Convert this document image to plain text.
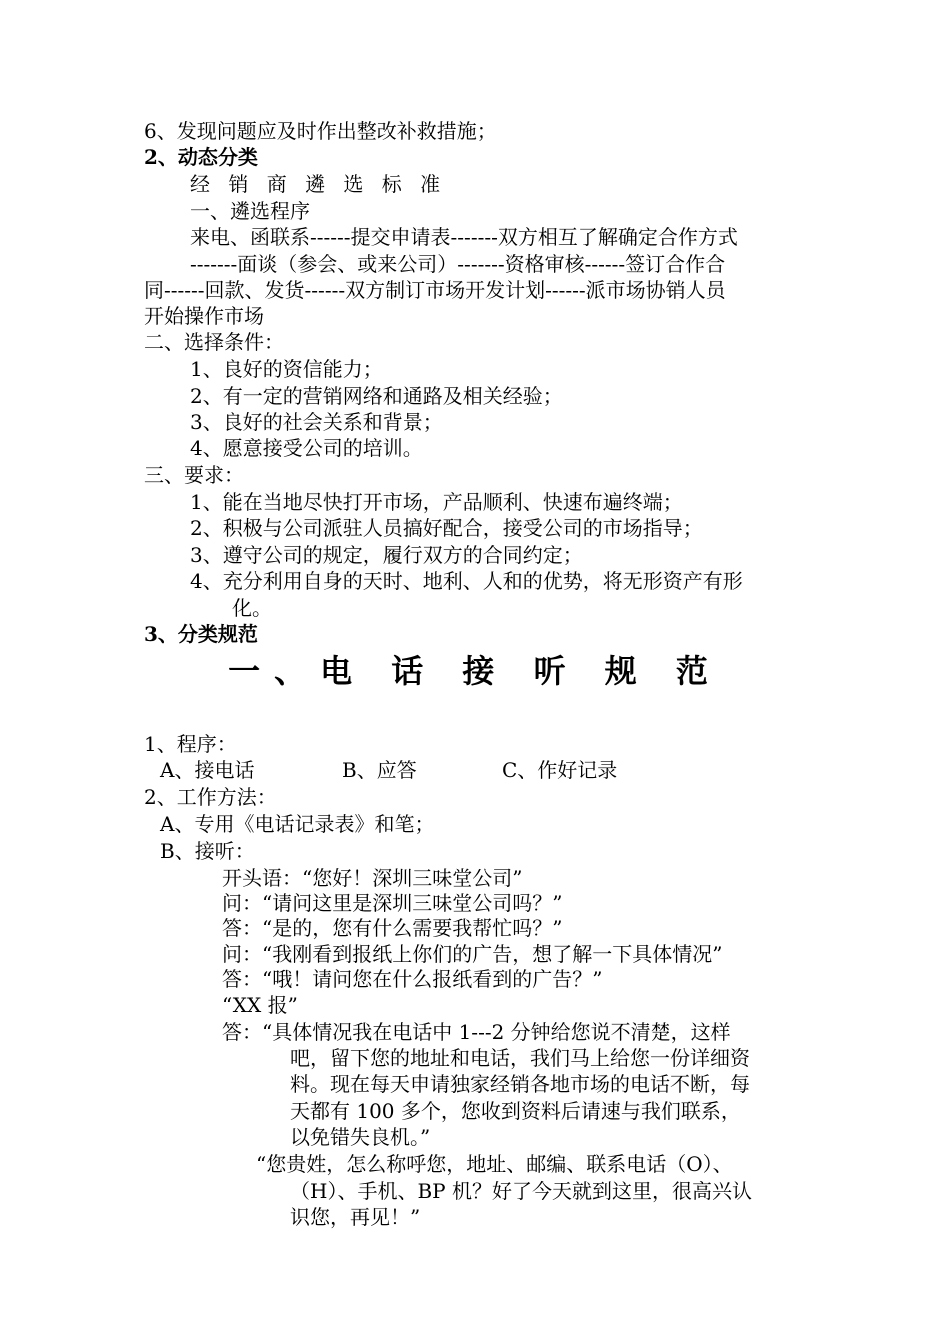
6、发现问题应及时作出整改补救措施；
2、动态分类
经 销 商 遴 选 标 准
一、遴选程序
来电、函联系------提交申请表-------双方相互了解确定合作方式
-------面谈（参会、或来公司）-------资格审核------签订合作合
同------回款、发货------双方制订市场开发计划------派市场协销人员
开始操作市场
二、选择条件：
1、良好的资信能力；
2、有一定的营销网络和通路及相关经验；
3、良好的社会关系和背景；
4、愿意接受公司的培训。
三、要求：
1、能在当地尽快打开市场，产品顺利、快速布遍终端；
2、积极与公司派驻人员搞好配合，接受公司的市场指导；
3、遵守公司的规定，履行双方的合同约定；
4、充分利用自身的天时、地利、人和的优势，将无形资产有形
化。
3、分类规范
一、电 话 接 听 规 范
1、程序：
A、接电话	B、应答	C、作好记录
2、工作方法：
A、专用《电话记录表》和笔；
B、接听：
开头语：“您好！深圳三味堂公司”
问：“请问这里是深圳三味堂公司吗？”
答：“是的，您有什么需要我帮忙吗？”
问：“我刚看到报纸上你们的广告，想了解一下具体情况”
答：“哦！请问您在什么报纸看到的广告？”
“XX 报”
答：“具体情况我在电话中 1---2 分钟给您说不清楚，这样
吧，留下您的地址和电话，我们马上给您一份详细资
料。现在每天申请独家经销各地市场的电话不断，每
天都有 100 多个，您收到资料后请速与我们联系，
以免错失良机。”
“您贵姓，怎么称呼您，地址、邮编、联系电话（O）、
（H）、手机、BP 机？好了今天就到这里，很高兴认
识您，再见！”
